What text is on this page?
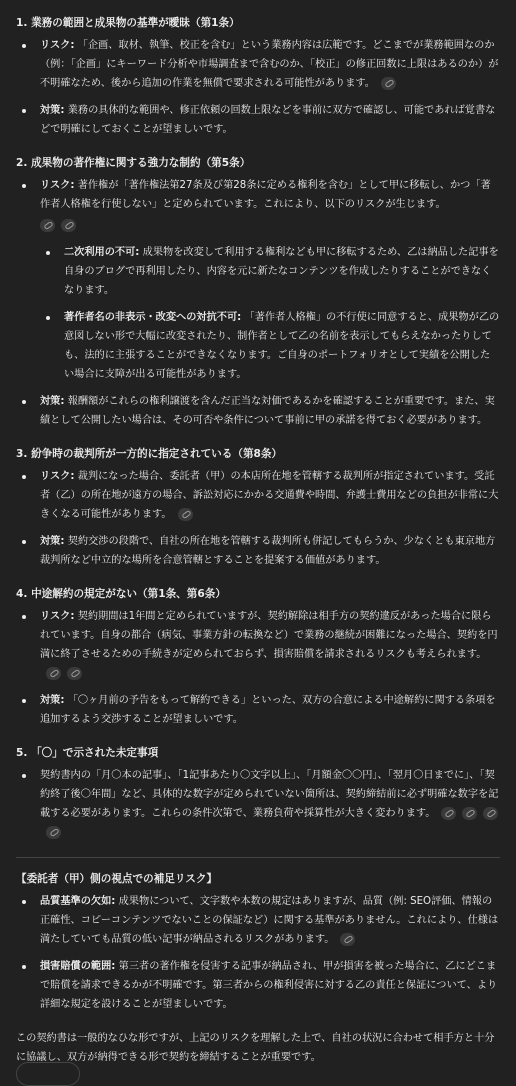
1. 業務の範囲と成果物の基準が曖昧（第1条）
リスク: 「企画、取材、執筆、校正を含む」という業務内容は広範です。どこまでが業務範囲なのか（例：「企画」にキーワード分析や市場調査まで含むのか、「校正」の修正回数に上限はあるのか）が不明確なため、後から追加の作業を無償で要求される可能性があります。
対策: 業務の具体的な範囲や、修正依頼の回数上限などを事前に双方で確認し、可能であれば覚書などで明確にしておくことが望ましいです。
2. 成果物の著作権に関する強力な制約（第5条）
リスク: 著作権が「著作権法第27条及び第28条に定める権利を含む」として甲に移転し、かつ「著作者人格権を行使しない」と定められています。これにより、以下のリスクが生じます。
二次利用の不可: 成果物を改変して利用する権利なども甲に移転するため、乙は納品した記事を自身のブログで再利用したり、内容を元に新たなコンテンツを作成したりすることができなくなります。
著作者名の非表示・改変への対抗不可: 「著作者人格権」の不行使に同意すると、成果物が乙の意図しない形で大幅に改変されたり、制作者として乙の名前を表示してもらえなかったりしても、法的に主張することができなくなります。ご自身のポートフォリオとして実績を公開したい場合に支障が出る可能性があります。
対策: 報酬額がこれらの権利譲渡を含んだ正当な対価であるかを確認することが重要です。また、実績として公開したい場合は、その可否や条件について事前に甲の承諾を得ておく必要があります。
3. 紛争時の裁判所が一方的に指定されている（第8条）
リスク: 裁判になった場合、委託者（甲）の本店所在地を管轄する裁判所が指定されています。受託者（乙）の所在地が遠方の場合、訴訟対応にかかる交通費や時間、弁護士費用などの負担が非常に大きくなる可能性があります。
対策: 契約交渉の段階で、自社の所在地を管轄する裁判所も併記してもらうか、少なくとも東京地方裁判所など中立的な場所を合意管轄とすることを提案する価値があります。
4. 中途解約の規定がない（第1条、第6条）
リスク: 契約期間は1年間と定められていますが、契約解除は相手方の契約違反があった場合に限られています。自身の都合（病気、事業方針の転換など）で業務の継続が困難になった場合、契約を円満に終了させるための手続きが定められておらず、損害賠償を請求されるリスクも考えられます。
対策: 「〇ヶ月前の予告をもって解約できる」といった、双方の合意による中途解約に関する条項を追加するよう交渉することが望ましいです。
5. 「〇」で示された未定事項
契約書内の「月〇本の記事」、「1記事あたり〇文字以上」、「月額金〇〇円」、「翌月〇日までに」、「契約終了後〇年間」など、具体的な数字が定められていない箇所は、契約締結前に必ず明確な数字を記載する必要があります。これらの条件次第で、業務負荷や採算性が大きく変わります。
【委託者（甲）側の視点での補足リスク】
品質基準の欠如: 成果物について、文字数や本数の規定はありますが、品質（例: SEO評価、情報の正確性、コピーコンテンツでないことの保証など）に関する基準がありません。これにより、仕様は満たしていても品質の低い記事が納品されるリスクがあります。
損害賠償の範囲: 第三者の著作権を侵害する記事が納品され、甲が損害を被った場合に、乙にどこまで賠償を請求できるかが不明確です。第三者からの権利侵害に対する乙の責任と保証について、より詳細な規定を設けることが望ましいです。

この契約書は一般的なひな形ですが、上記のリスクを理解した上で、自社の状況に合わせて相手方と十分に協議し、双方が納得できる形で契約を締結することが重要です。
